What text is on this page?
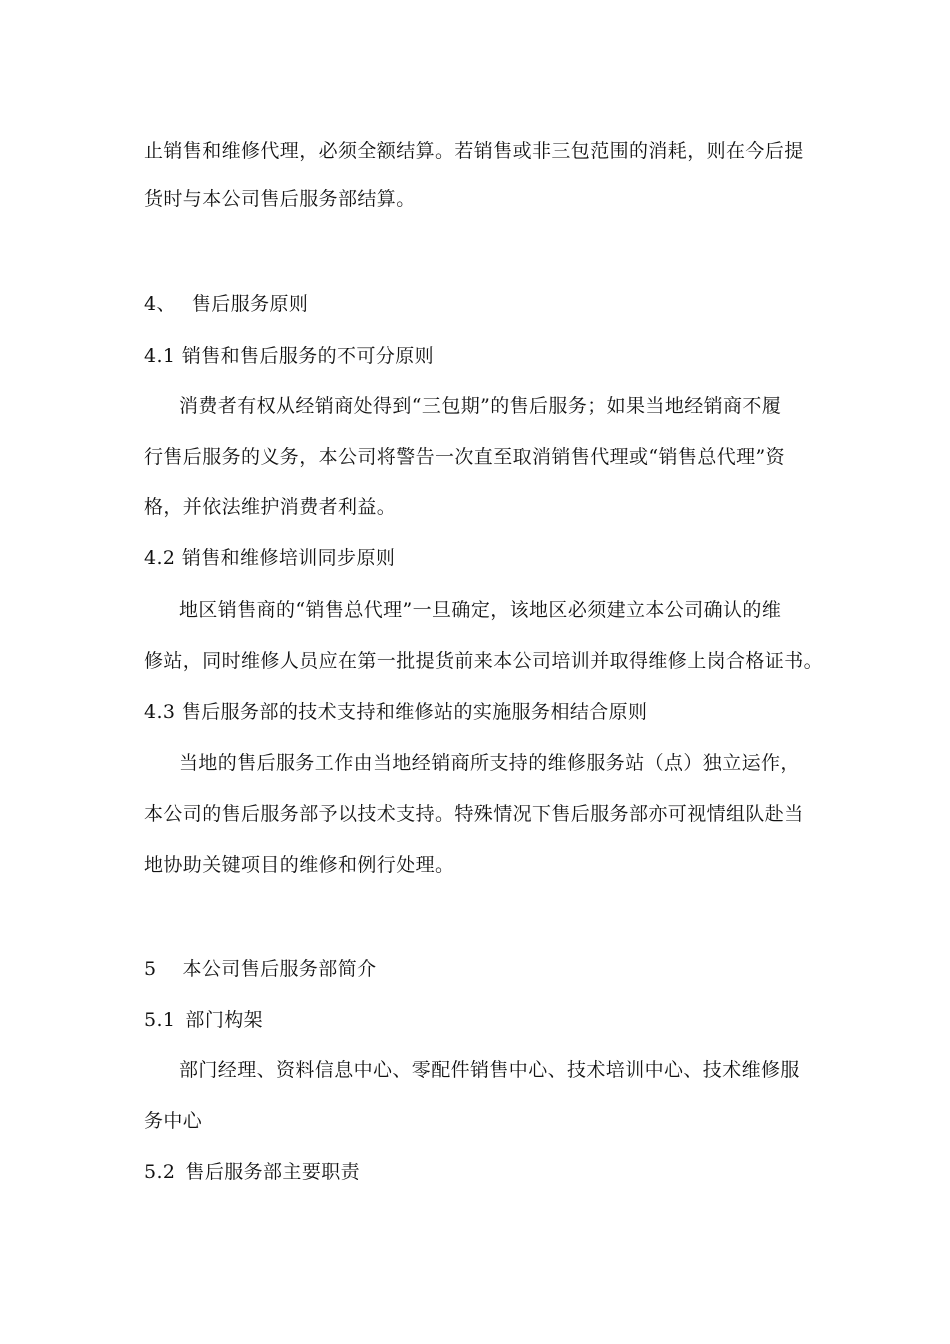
止销售和维修代理，必须全额结算。若销售或非三包范围的消耗，则在今后提
货时与本公司售后服务部结算。
4、 售后服务原则
4.1 销售和售后服务的不可分原则
消费者有权从经销商处得到“三包期”的售后服务；如果当地经销商不履
行售后服务的义务，本公司将警告一次直至取消销售代理或“销售总代理”资
格，并依法维护消费者利益。
4.2 销售和维修培训同步原则
地区销售商的“销售总代理”一旦确定，该地区必须建立本公司确认的维
修站，同时维修人员应在第一批提货前来本公司培训并取得维修上岗合格证书。
4.3 售后服务部的技术支持和维修站的实施服务相结合原则
当地的售后服务工作由当地经销商所支持的维修服务站（点）独立运作，
本公司的售后服务部予以技术支持。特殊情况下售后服务部亦可视情组队赴当
地协助关键项目的维修和例行处理。
5 本公司售后服务部简介
5.1 部门构架
部门经理、资料信息中心、零配件销售中心、技术培训中心、技术维修服
务中心
5.2 售后服务部主要职责
